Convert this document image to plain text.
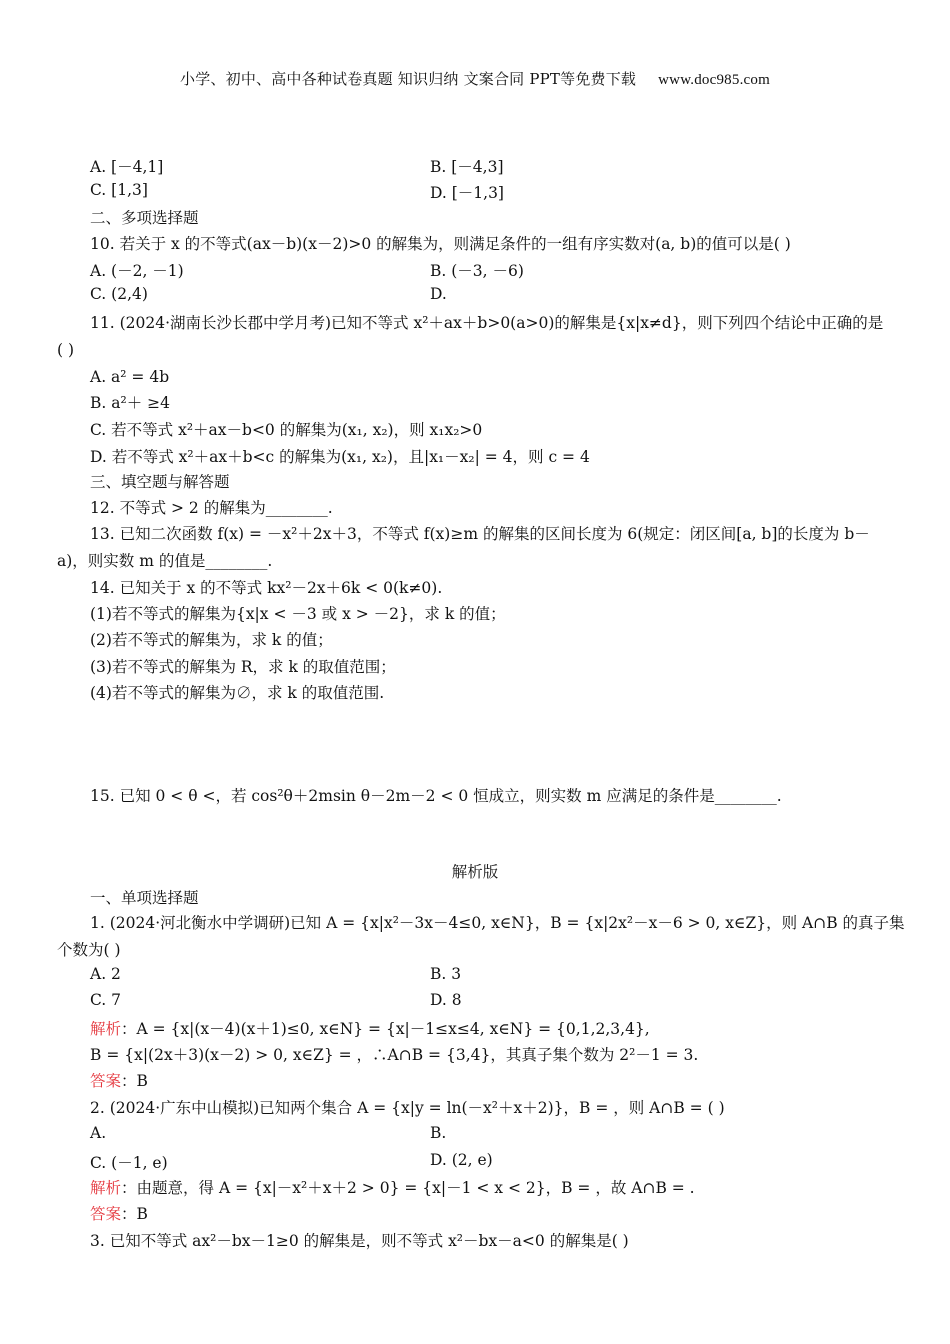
小学、初中、高中各种试卷真题 知识归纳 文案合同 PPT等免费下载 www.doc985.com
A. [－4,1]	B. [－4,3]
C. [1,3]	D. [－1,3]
二、多项选择题
10. 若关于 x 的不等式(ax－b)(x－2)>0 的解集为，则满足条件的一组有序实数对(a, b)的值可以是( )
A. (－2, －1)	B. (－3, －6)
C. (2,4)	D.
11. (2024·湖南长沙长郡中学月考)已知不等式 x²＋ax＋b>0(a>0)的解集是{x|x≠d}，则下列四个结论中正确的是
( )
A. a² = 4b
B. a²＋ ≥4
C. 若不等式 x²＋ax－b<0 的解集为(x₁, x₂)，则 x₁x₂>0
D. 若不等式 x²＋ax＋b<c 的解集为(x₁, x₂)，且|x₁－x₂| = 4，则 c = 4
三、填空题与解答题
12. 不等式 > 2 的解集为________.
13. 已知二次函数 f(x) = －x²＋2x＋3，不等式 f(x)≥m 的解集的区间长度为 6(规定：闭区间[a, b]的长度为 b－
a)，则实数 m 的值是________.
14. 已知关于 x 的不等式 kx²－2x＋6k < 0(k≠0).
(1)若不等式的解集为{x|x < －3 或 x > －2}，求 k 的值；
(2)若不等式的解集为，求 k 的值；
(3)若不等式的解集为 R，求 k 的取值范围；
(4)若不等式的解集为∅，求 k 的取值范围.
15. 已知 0 < θ <，若 cos²θ＋2msin θ－2m－2 < 0 恒成立，则实数 m 应满足的条件是________.
解析版
一、单项选择题
1. (2024·河北衡水中学调研)已知 A = {x|x²－3x－4≤0, x∈N}，B = {x|2x²－x－6 > 0, x∈Z}，则 A∩B 的真子集
个数为( )
A. 2	B. 3
C. 7	D. 8
解析：A = {x|(x－4)(x＋1)≤0, x∈N} = {x|－1≤x≤4, x∈N} = {0,1,2,3,4},
B = {x|(2x＋3)(x－2) > 0, x∈Z} = ，∴A∩B = {3,4}，其真子集个数为 2²－1 = 3.
答案：B
2. (2024·广东中山模拟)已知两个集合 A = {x|y = ln(－x²＋x＋2)}，B = ，则 A∩B = ( )
A.	B.
C. (－1, e)	D. (2, e)
解析：由题意，得 A = {x|－x²＋x＋2 > 0} = {x|－1 < x < 2}，B = ，故 A∩B = .
答案：B
3. 已知不等式 ax²－bx－1≥0 的解集是，则不等式 x²－bx－a<0 的解集是( )
